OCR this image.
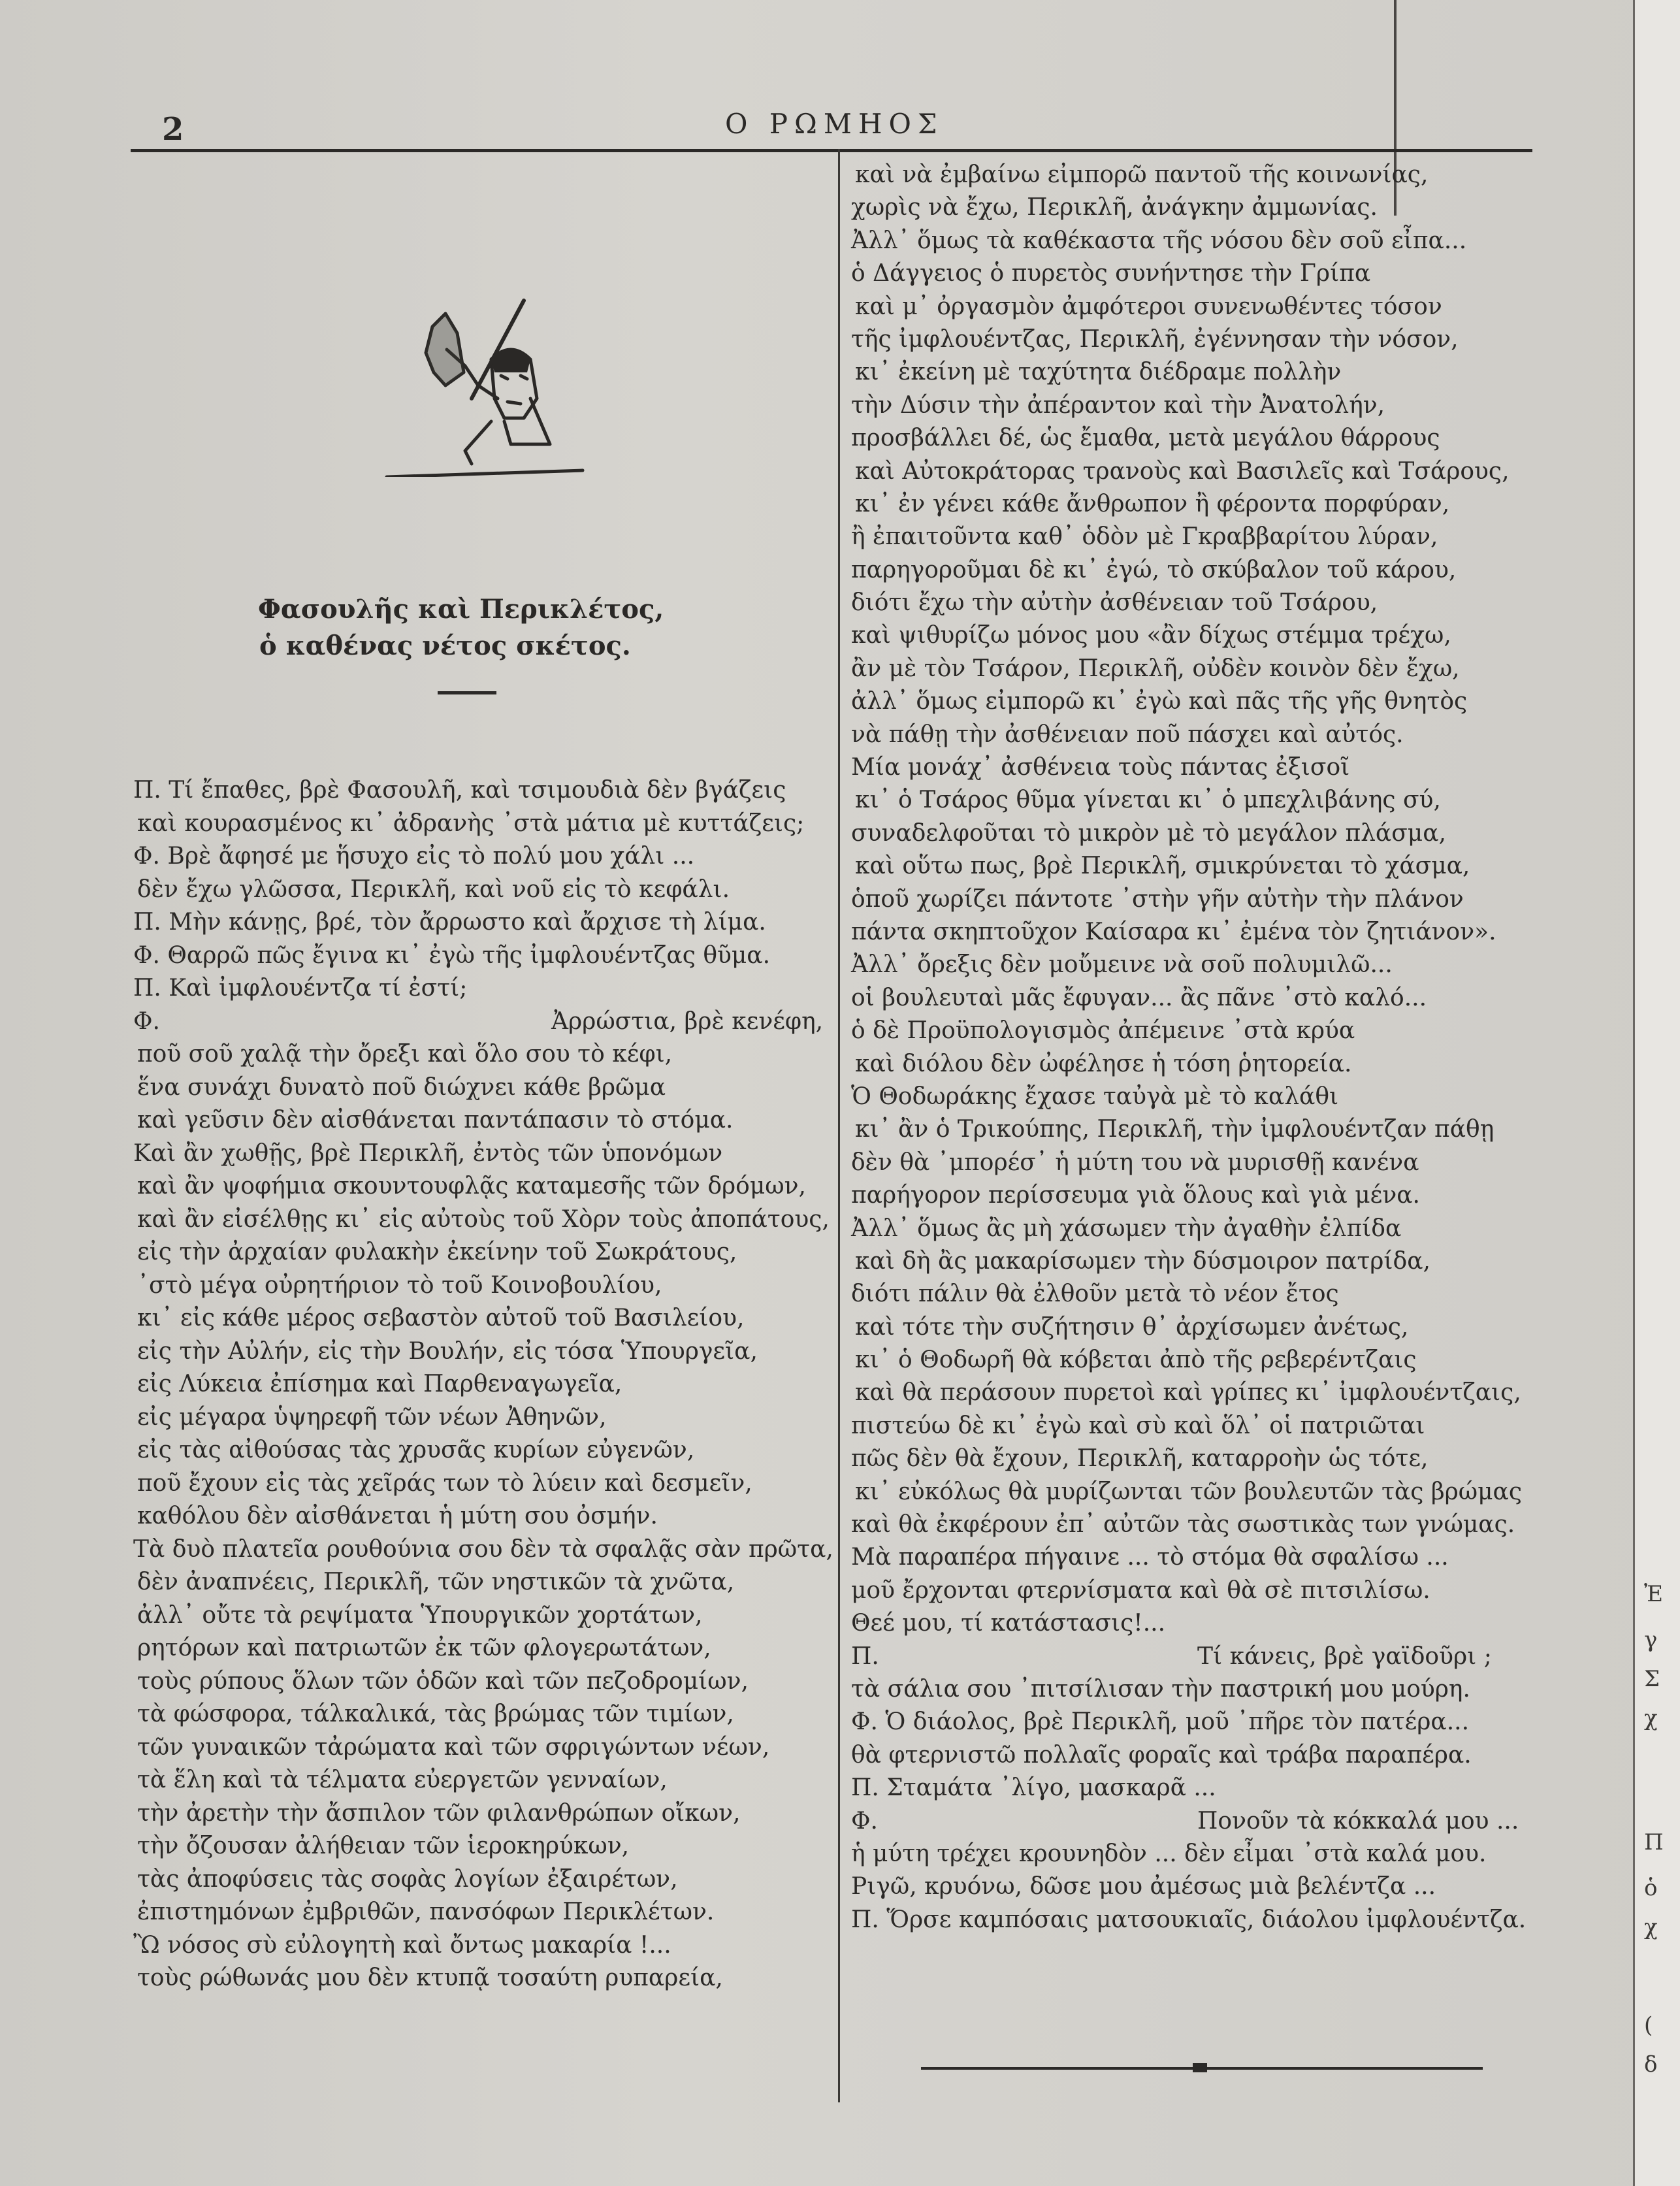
Ἐ
γ
Σ
χ
Π
ὁ
χ
(
δ
2	Ο ΡΩΜΗΟΣ
Φασουλῆς καὶ Περικλέτος,
ὁ καθένας νέτος σκέτος.
Π. Τί ἔπαθες, βρὲ Φασουλῆ, καὶ τσιμουδιὰ δὲν βγάζεις
καὶ κουρασμένος κι᾽ ἀδρανὴς ᾽στὰ μάτια μὲ κυττάζεις;
Φ. Βρὲ ἄφησέ με ἥσυχο εἰς τὸ πολύ μου χάλι ...
δὲν ἔχω γλῶσσα, Περικλῆ, καὶ νοῦ εἰς τὸ κεφάλι.
Π. Μὴν κάνῃς, βρέ, τὸν ἄρρωστο καὶ ἄρχισε τὴ λίμα.
Φ. Θαρρῶ πῶς ἔγινα κι᾽ ἐγὼ τῆς ἰμφλουέντζας θῦμα.
Π. Καὶ ἰμφλουέντζα τί ἐστί;
Φ.	Ἀρρώστια, βρὲ κενέφη,
ποῦ σοῦ χαλᾷ τὴν ὄρεξι καὶ ὅλο σου τὸ κέφι,
ἕνα συνάχι δυνατὸ ποῦ διώχνει κάθε βρῶμα
καὶ γεῦσιν δὲν αἰσθάνεται παντάπασιν τὸ στόμα.
Καὶ ἂν χωθῇς, βρὲ Περικλῆ, ἐντὸς τῶν ὑπονόμων
καὶ ἂν ψοφήμια σκουντουφλᾷς καταμεσῆς τῶν δρόμων,
καὶ ἂν εἰσέλθῃς κι᾽ εἰς αὐτοὺς τοῦ Χὸρν τοὺς ἀποπάτους,
εἰς τὴν ἀρχαίαν φυλακὴν ἐκείνην τοῦ Σωκράτους,
᾽στὸ μέγα οὐρητήριον τὸ τοῦ Κοινοβουλίου,
κι᾽ εἰς κάθε μέρος σεβαστὸν αὐτοῦ τοῦ Βασιλείου,
εἰς τὴν Αὐλήν, εἰς τὴν Βουλήν, εἰς τόσα Ὑπουργεῖα,
εἰς Λύκεια ἐπίσημα καὶ Παρθεναγωγεῖα,
εἰς μέγαρα ὑψηρεφῆ τῶν νέων Ἀθηνῶν,
εἰς τὰς αἰθούσας τὰς χρυσᾶς κυρίων εὐγενῶν,
ποῦ ἔχουν εἰς τὰς χεῖράς των τὸ λύειν καὶ δεσμεῖν,
καθόλου δὲν αἰσθάνεται ἡ μύτη σου ὀσμήν.
Τὰ δυὸ πλατεῖα ρουθούνια σου δὲν τὰ σφαλᾷς σὰν πρῶτα,
δὲν ἀναπνέεις, Περικλῆ, τῶν νηστικῶν τὰ χνῶτα,
ἀλλ᾽ οὔτε τὰ ρεψίματα Ὑπουργικῶν χορτάτων,
ρητόρων καὶ πατριωτῶν ἐκ τῶν φλογερωτάτων,
τοὺς ρύπους ὅλων τῶν ὁδῶν καὶ τῶν πεζοδρομίων,
τὰ φώσφορα, τάλκαλικά, τὰς βρώμας τῶν τιμίων,
τῶν γυναικῶν τἀρώματα καὶ τῶν σφριγώντων νέων,
τὰ ἕλη καὶ τὰ τέλματα εὐεργετῶν γενναίων,
τὴν ἀρετὴν τὴν ἄσπιλον τῶν φιλανθρώπων οἴκων,
τὴν ὄζουσαν ἀλήθειαν τῶν ἱεροκηρύκων,
τὰς ἀποφύσεις τὰς σοφὰς λογίων ἐξαιρέτων,
ἐπιστημόνων ἐμβριθῶν, πανσόφων Περικλέτων.
Ὢ νόσος σὺ εὐλογητὴ καὶ ὄντως μακαρία !...
τοὺς ρώθωνάς μου δὲν κτυπᾷ τοσαύτη ρυπαρεία,
καὶ νὰ ἐμβαίνω εἰμπορῶ παντοῦ τῆς κοινωνίας,
χωρὶς νὰ ἔχω, Περικλῆ, ἀνάγκην ἀμμωνίας.
Ἀλλ᾽ ὅμως τὰ καθέκαστα τῆς νόσου δὲν σοῦ εἶπα...
ὁ Δάγγειος ὁ πυρετὸς συνήντησε τὴν Γρίπα
καὶ μ᾽ ὀργασμὸν ἀμφότεροι συνενωθέντες τόσον
τῆς ἰμφλουέντζας, Περικλῆ, ἐγέννησαν τὴν νόσον,
κι᾽ ἐκείνη μὲ ταχύτητα διέδραμε πολλὴν
τὴν Δύσιν τὴν ἀπέραντον καὶ τὴν Ἀνατολήν,
προσβάλλει δέ, ὡς ἔμαθα, μετὰ μεγάλου θάρρους
καὶ Αὐτοκράτορας τρανοὺς καὶ Βασιλεῖς καὶ Τσάρους,
κι᾽ ἐν γένει κάθε ἄνθρωπον ἢ φέροντα πορφύραν,
ἢ ἐπαιτοῦντα καθ᾽ ὁδὸν μὲ Γκραββαρίτου λύραν,
παρηγοροῦμαι δὲ κι᾽ ἐγώ, τὸ σκύβαλον τοῦ κάρου,
διότι ἔχω τὴν αὐτὴν ἀσθένειαν τοῦ Τσάρου,
καὶ ψιθυρίζω μόνος μου «ἂν δίχως στέμμα τρέχω,
ἂν μὲ τὸν Τσάρον, Περικλῆ, οὐδὲν κοινὸν δὲν ἔχω,
ἀλλ᾽ ὅμως εἰμπορῶ κι᾽ ἐγὼ καὶ πᾶς τῆς γῆς θνητὸς
νὰ πάθῃ τὴν ἀσθένειαν ποῦ πάσχει καὶ αὐτός.
Μία μονάχ᾽ ἀσθένεια τοὺς πάντας ἐξισοῖ
κι᾽ ὁ Τσάρος θῦμα γίνεται κι᾽ ὁ μπεχλιβάνης σύ,
συναδελφοῦται τὸ μικρὸν μὲ τὸ μεγάλον πλάσμα,
καὶ οὕτω πως, βρὲ Περικλῆ, σμικρύνεται τὸ χάσμα,
ὁποῦ χωρίζει πάντοτε ᾽στὴν γῆν αὐτὴν τὴν πλάνον
πάντα σκηπτοῦχον Καίσαρα κι᾽ ἐμένα τὸν ζητιάνον».
Ἀλλ᾽ ὄρεξις δὲν μοὔμεινε νὰ σοῦ πολυμιλῶ...
οἱ βουλευταὶ μᾶς ἔφυγαν... ἂς πᾶνε ᾽στὸ καλό...
ὁ δὲ Προϋπολογισμὸς ἀπέμεινε ᾽στὰ κρύα
καὶ διόλου δὲν ὠφέλησε ἡ τόση ῥητορεία.
Ὁ Θοδωράκης ἔχασε ταὐγὰ μὲ τὸ καλάθι
κι᾽ ἂν ὁ Τρικούπης, Περικλῆ, τὴν ἰμφλουέντζαν πάθῃ
δὲν θὰ ᾽μπορέσ᾽ ἡ μύτη του νὰ μυρισθῇ κανένα
παρήγορον περίσσευμα γιὰ ὅλους καὶ γιὰ μένα.
Ἀλλ᾽ ὅμως ἂς μὴ χάσωμεν τὴν ἀγαθὴν ἐλπίδα
καὶ δὴ ἂς μακαρίσωμεν τὴν δύσμοιρον πατρίδα,
διότι πάλιν θὰ ἐλθοῦν μετὰ τὸ νέον ἔτος
καὶ τότε τὴν συζήτησιν θ᾽ ἀρχίσωμεν ἀνέτως,
κι᾽ ὁ Θοδωρῆ θὰ κόβεται ἀπὸ τῆς ρεβερέντζαις
καὶ θὰ περάσουν πυρετοὶ καὶ γρίπες κι᾽ ἰμφλουέντζαις,
πιστεύω δὲ κι᾽ ἐγὼ καὶ σὺ καὶ ὅλ᾽ οἱ πατριῶται
πῶς δὲν θὰ ἔχουν, Περικλῆ, καταρροὴν ὡς τότε,
κι᾽ εὐκόλως θὰ μυρίζωνται τῶν βουλευτῶν τὰς βρώμας
καὶ θὰ ἐκφέρουν ἐπ᾽ αὐτῶν τὰς σωστικὰς των γνώμας.
Μὰ παραπέρα πήγαινε ... τὸ στόμα θὰ σφαλίσω ...
μοῦ ἔρχονται φτερνίσματα καὶ θὰ σὲ πιτσιλίσω.
Θεέ μου, τί κατάστασις!...
Π.	Τί κάνεις, βρὲ γαϊδοῦρι ;
τὰ σάλια σου ᾽πιτσίλισαν τὴν παστρική μου μούρη.
Φ. Ὁ διάολος, βρὲ Περικλῆ, μοῦ ᾽πῆρε τὸν πατέρα...
θὰ φτερνιστῶ πολλαῖς φοραῖς καὶ τράβα παραπέρα.
Π. Σταμάτα ᾽λίγο, μασκαρᾶ ...
Φ.	Πονοῦν τὰ κόκκαλά μου ...
ἡ μύτη τρέχει κρουνηδὸν ... δὲν εἶμαι ᾽στὰ καλά μου.
Ριγῶ, κρυόνω, δῶσε μου ἀμέσως μιὰ βελέντζα ...
Π. Ὅρσε καμπόσαις ματσουκιαῖς, διάολου ἰμφλουέντζα.
